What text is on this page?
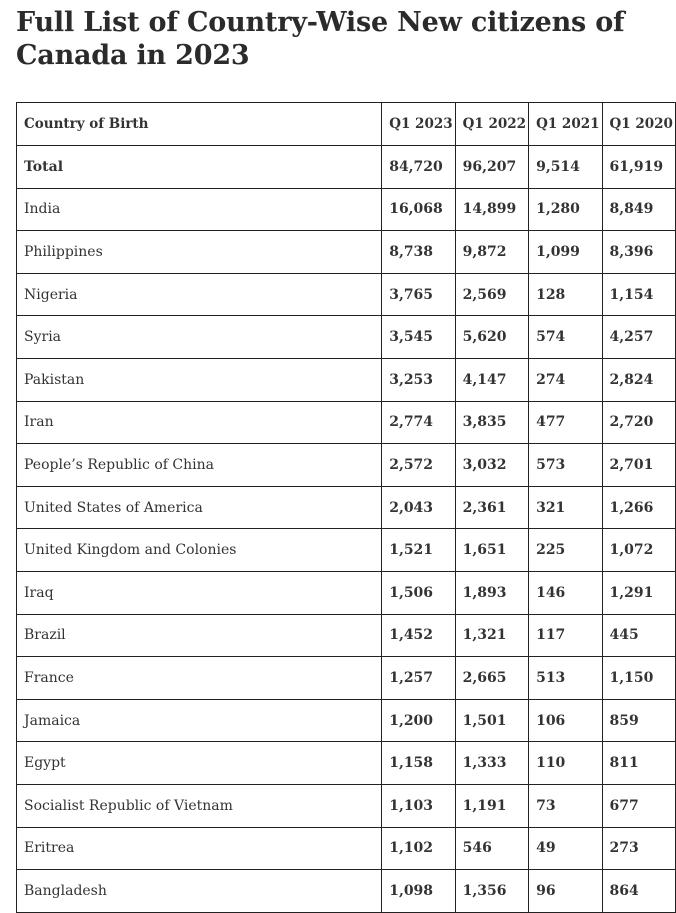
Full List of Country-Wise New citizens of Canada in 2023
Country of Birth	Q1 2023	Q1 2022	Q1 2021	Q1 2020
Total	84,720	96,207	9,514	61,919
India	16,068	14,899	1,280	8,849
Philippines	8,738	9,872	1,099	8,396
Nigeria	3,765	2,569	128	1,154
Syria	3,545	5,620	574	4,257
Pakistan	3,253	4,147	274	2,824
Iran	2,774	3,835	477	2,720
People’s Republic of China	2,572	3,032	573	2,701
United States of America	2,043	2,361	321	1,266
United Kingdom and Colonies	1,521	1,651	225	1,072
Iraq	1,506	1,893	146	1,291
Brazil	1,452	1,321	117	445
France	1,257	2,665	513	1,150
Jamaica	1,200	1,501	106	859
Egypt	1,158	1,333	110	811
Socialist Republic of Vietnam	1,103	1,191	73	677
Eritrea	1,102	546	49	273
Bangladesh	1,098	1,356	96	864
